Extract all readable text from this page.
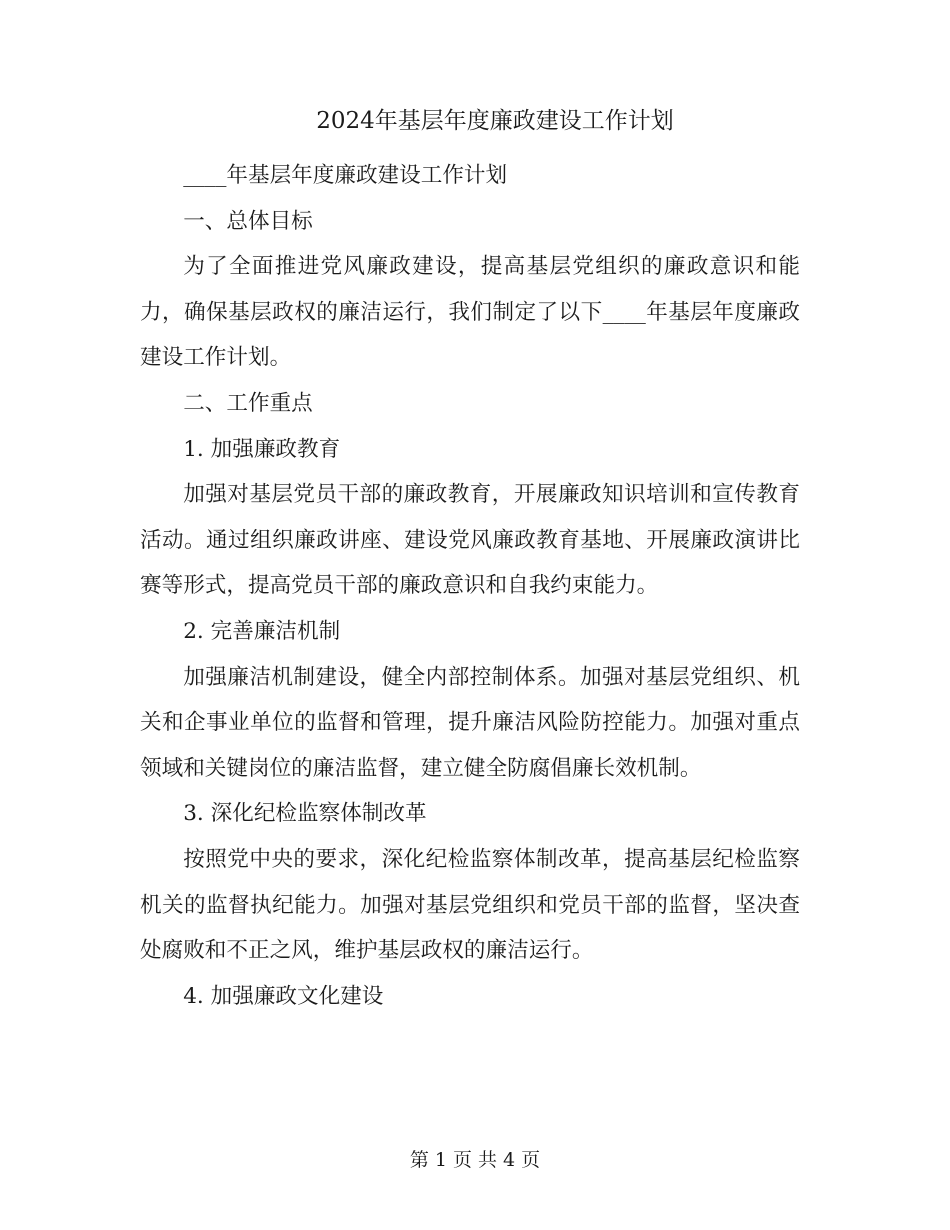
2024年基层年度廉政建设工作计划

____年基层年度廉政建设工作计划

一、总体目标

为了全面推进党风廉政建设，提高基层党组织的廉政意识和能力，确保基层政权的廉洁运行，我们制定了以下____年基层年度廉政建设工作计划。

二、工作重点

1. 加强廉政教育

加强对基层党员干部的廉政教育，开展廉政知识培训和宣传教育活动。通过组织廉政讲座、建设党风廉政教育基地、开展廉政演讲比赛等形式，提高党员干部的廉政意识和自我约束能力。

2. 完善廉洁机制

加强廉洁机制建设，健全内部控制体系。加强对基层党组织、机关和企事业单位的监督和管理，提升廉洁风险防控能力。加强对重点领域和关键岗位的廉洁监督，建立健全防腐倡廉长效机制。

3. 深化纪检监察体制改革

按照党中央的要求，深化纪检监察体制改革，提高基层纪检监察机关的监督执纪能力。加强对基层党组织和党员干部的监督，坚决查处腐败和不正之风，维护基层政权的廉洁运行。

4. 加强廉政文化建设

第 1 页 共 4 页
